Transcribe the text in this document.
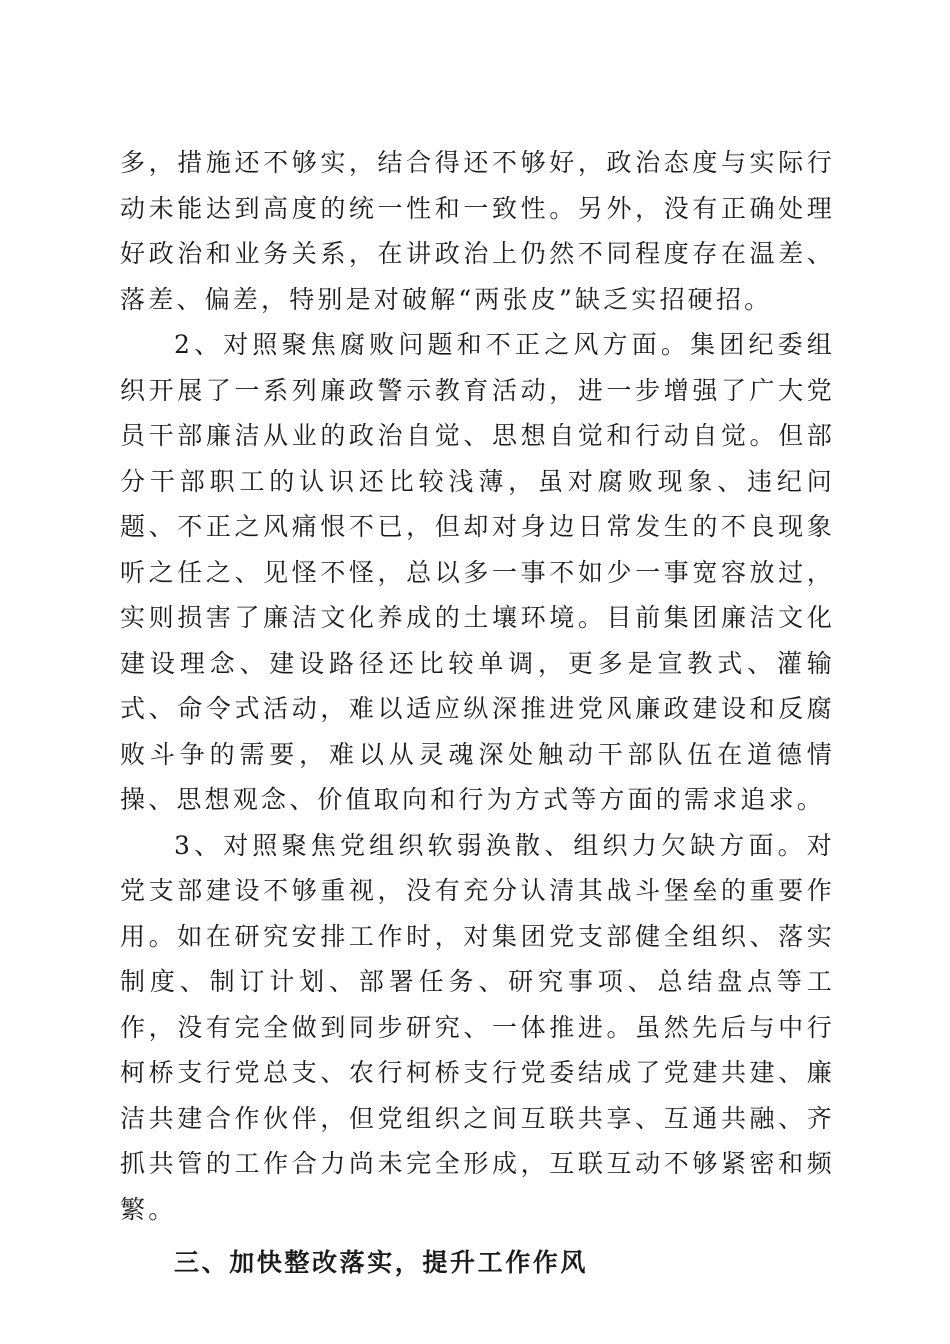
多，措施还不够实，结合得还不够好，政治态度与实际行动未能达到高度的统一性和一致性。另外，没有正确处理好政治和业务关系，在讲政治上仍然不同程度存在温差、落差、偏差，特别是对破解“两张皮”缺乏实招硬招。

2、对照聚焦腐败问题和不正之风方面。集团纪委组织开展了一系列廉政警示教育活动，进一步增强了广大党员干部廉洁从业的政治自觉、思想自觉和行动自觉。但部分干部职工的认识还比较浅薄，虽对腐败现象、违纪问题、不正之风痛恨不已，但却对身边日常发生的不良现象听之任之、见怪不怪，总以多一事不如少一事宽容放过，实则损害了廉洁文化养成的土壤环境。目前集团廉洁文化建设理念、建设路径还比较单调，更多是宣教式、灌输式、命令式活动，难以适应纵深推进党风廉政建设和反腐败斗争的需要，难以从灵魂深处触动干部队伍在道德情操、思想观念、价值取向和行为方式等方面的需求追求。

3、对照聚焦党组织软弱涣散、组织力欠缺方面。对党支部建设不够重视，没有充分认清其战斗堡垒的重要作用。如在研究安排工作时，对集团党支部健全组织、落实制度、制订计划、部署任务、研究事项、总结盘点等工作，没有完全做到同步研究、一体推进。虽然先后与中行柯桥支行党总支、农行柯桥支行党委结成了党建共建、廉洁共建合作伙伴，但党组织之间互联共享、互通共融、齐抓共管的工作合力尚未完全形成，互联互动不够紧密和频繁。

三、加快整改落实，提升工作作风
